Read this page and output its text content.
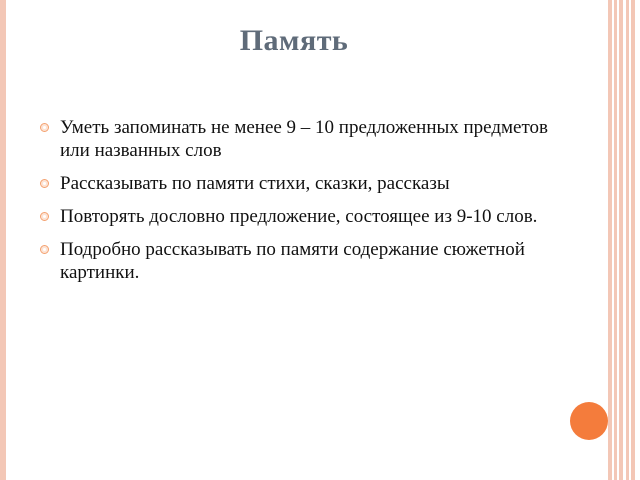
Память
Уметь запоминать не менее 9 – 10 предложенных предметов или названных слов
Рассказывать по памяти стихи, сказки, рассказы
Повторять дословно предложение, состоящее из 9-10 слов.
Подробно рассказывать по памяти содержание сюжетной картинки.
